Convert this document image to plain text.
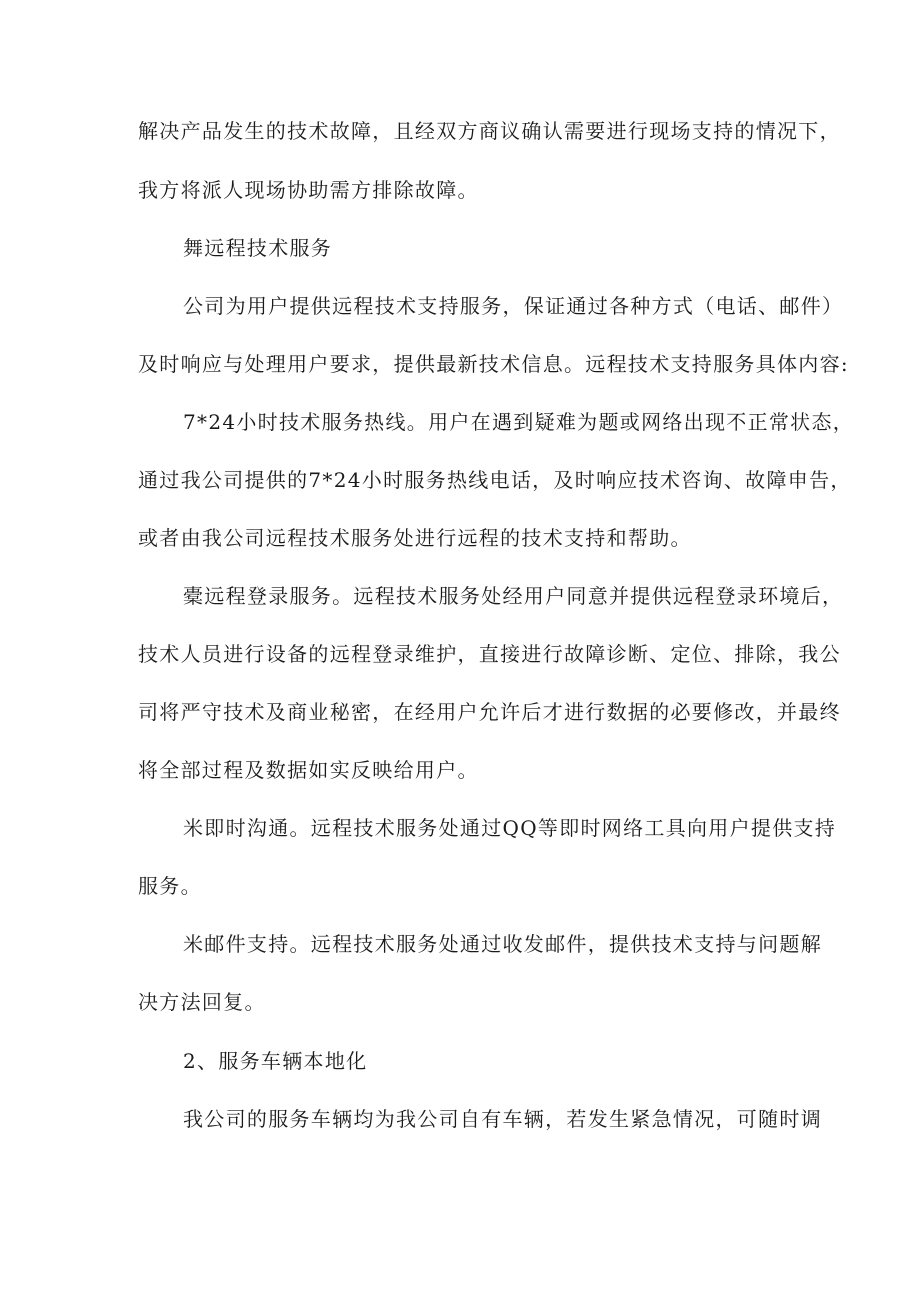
解决产品发生的技术故障，且经双方商议确认需要进行现场支持的情况下，
我方将派人现场协助需方排除故障。
舞远程技术服务
公司为用户提供远程技术支持服务，保证通过各种方式（电话、邮件）
及时响应与处理用户要求，提供最新技术信息。远程技术支持服务具体内容:
7*24小时技术服务热线。用户在遇到疑难为题或网络出现不正常状态，
通过我公司提供的7*24小时服务热线电话，及时响应技术咨询、故障申告，
或者由我公司远程技术服务处进行远程的技术支持和帮助。
橐远程登录服务。远程技术服务处经用户同意并提供远程登录环境后，
技术人员进行设备的远程登录维护，直接进行故障诊断、定位、排除，我公
司将严守技术及商业秘密，在经用户允许后才进行数据的必要修改，并最终
将全部过程及数据如实反映给用户。
米即时沟通。远程技术服务处通过QQ等即时网络工具向用户提供支持
服务。
米邮件支持。远程技术服务处通过收发邮件，提供技术支持与问题解
决方法回复。
2、服务车辆本地化
我公司的服务车辆均为我公司自有车辆，若发生紧急情况，可随时调
